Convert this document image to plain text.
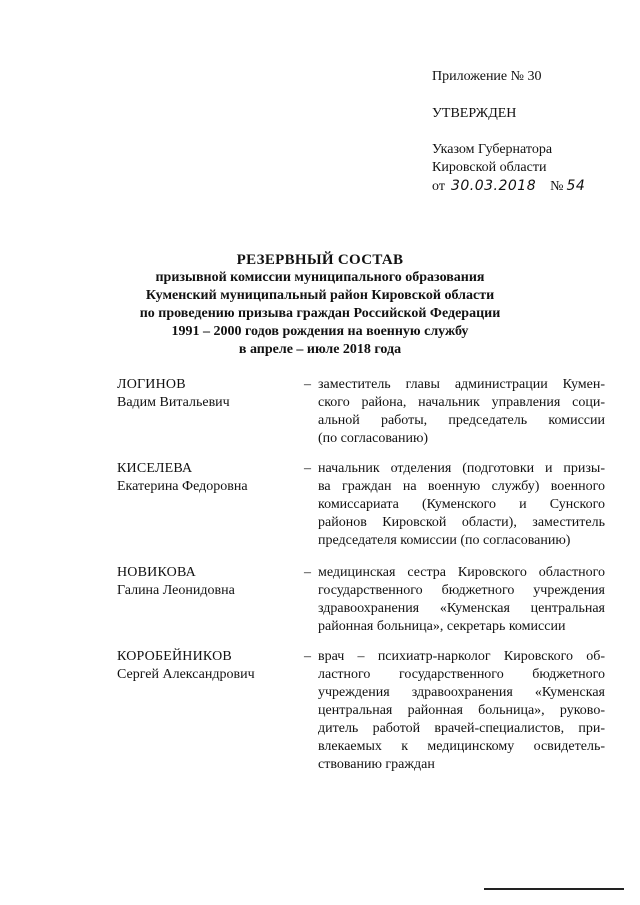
Приложение № 30
УТВЕРЖДЕН
Указом Губернатора
Кировской области
от 30.03.2018 № 54
РЕЗЕРВНЫЙ СОСТАВ
призывной комиссии муниципального образования
Куменский муниципальный район Кировской области
по проведению призыва граждан Российской Федерации
1991 – 2000 годов рождения на военную службу
в апреле – июле 2018 года
ЛОГИНОВ
Вадим Витальевич
– заместитель главы администрации Кумен-
ского района, начальник управления соци-
альной работы, председатель комиссии
(по согласованию)
КИСЕЛЕВА
Екатерина Федоровна
– начальник отделения (подготовки и призы-
ва граждан на военную службу) военного
комиссариата (Куменского и Сунского
районов Кировской области), заместитель
председателя комиссии (по согласованию)
НОВИКОВА
Галина Леонидовна
– медицинская сестра Кировского областного
государственного бюджетного учреждения
здравоохранения «Куменская центральная
районная больница», секретарь комиссии
КОРОБЕЙНИКОВ
Сергей Александрович
– врач – психиатр-нарколог Кировского об-
ластного государственного бюджетного
учреждения здравоохранения «Куменская
центральная районная больница», руково-
дитель работой врачей-специалистов, при-
влекаемых к медицинскому освидетель-
ствованию граждан
